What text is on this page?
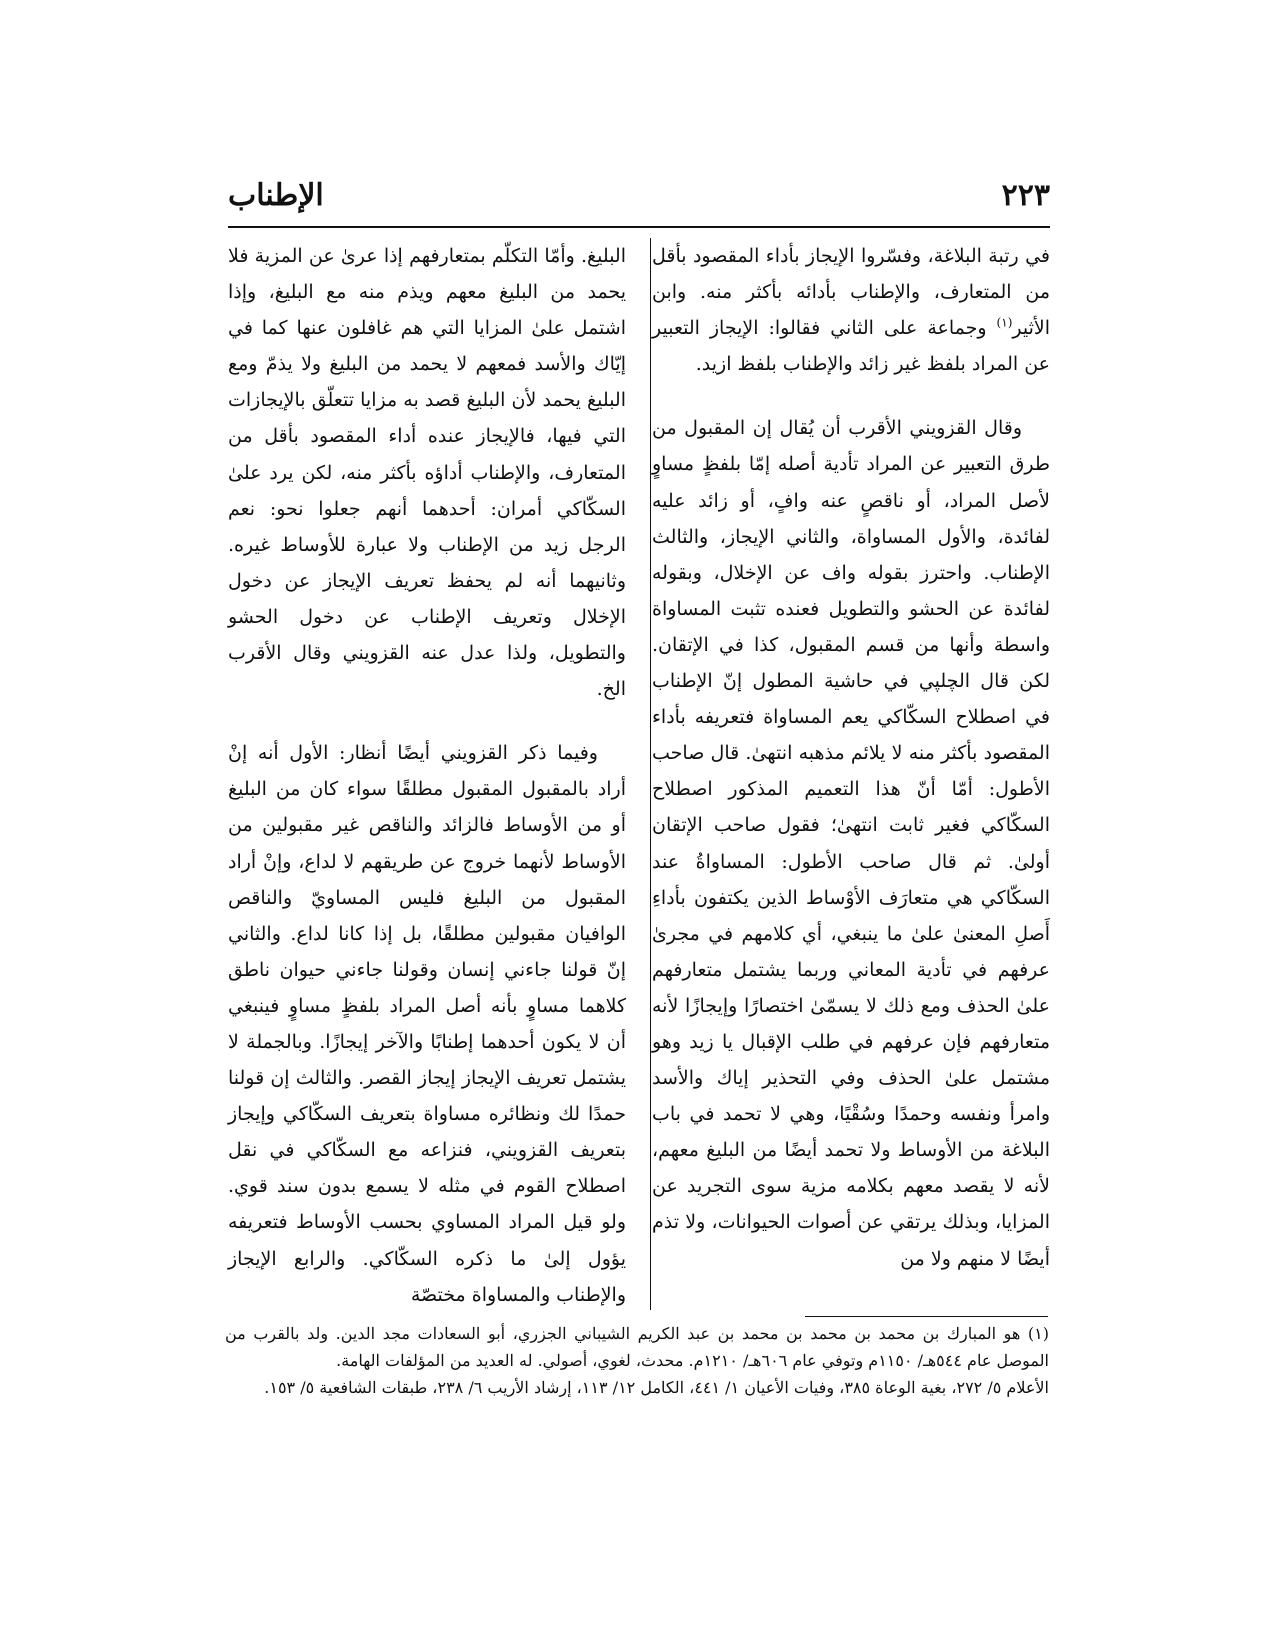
٢٢٣
الإطناب

في رتبة البلاغة، وفسّروا الإيجاز بأداء المقصود بأقل من المتعارف، والإطناب بأدائه بأكثر منه. وابن الأثير$^{(١)}$ وجماعة على الثاني فقالوا: الإيجاز التعبير عن المراد بلفظ غير زائد والإطناب بلفظ ازيد.

وقال القزويني الأقرب أن يُقال إن المقبول من طرق التعبير عن المراد تأدية أصله إمّا بلفظٍ مساوٍ لأصل المراد، أو ناقصٍ عنه وافٍ، أو زائد عليه لفائدة، والأول المساواة، والثاني الإيجاز، والثالث الإطناب. واحترز بقوله واف عن الإخلال، وبقوله لفائدة عن الحشو والتطويل فعنده تثبت المساواة واسطة وأنها من قسم المقبول، كذا في الإتقان. لكن قال الچلپي في حاشية المطول إنّ الإطناب في اصطلاح السكّاكي يعم المساواة فتعريفه بأداء المقصود بأكثر منه لا يلائم مذهبه انتهىٰ. قال صاحب الأطول: أمّا أنّ هذا التعميم المذكور اصطلاح السكّاكي فغير ثابت انتهىٰ؛ فقول صاحب الإتقان أولىٰ. ثم قال صاحب الأطول: المساواةُ عند السكّاكي هي متعارَف الأوْساط الذين يكتفون بأداءِ أَصلِ المعنىٰ علىٰ ما ينبغي، أي كلامهم في مجرىٰ عرفهم في تأدية المعاني وربما يشتمل متعارفهم علىٰ الحذف ومع ذلك لا يسمّىٰ اختصارًا وإيجازًا لأنه متعارفهم فإن عرفهم في طلب الإقبال يا زيد وهو مشتمل علىٰ الحذف وفي التحذير إياك والأسد وامرأ ونفسه وحمدًا وسُقْيًا، وهي لا تحمد في باب البلاغة من الأوساط ولا تحمد أيضًا من البليغ معهم، لأنه لا يقصد معهم بكلامه مزية سوى التجريد عن المزايا، وبذلك يرتقي عن أصوات الحيوانات، ولا تذم أيضًا لا منهم ولا من

البليغ. وأمّا التكلّم بمتعارفهم إذا عرىٰ عن المزية فلا يحمد من البليغ معهم ويذم منه مع البليغ، وإذا اشتمل علىٰ المزايا التي هم غافلون عنها كما في إيّاك والأسد فمعهم لا يحمد من البليغ ولا يذمّ ومع البليغ يحمد لأن البليغ قصد به مزايا تتعلّق بالإيجازات التي فيها، فالإيجاز عنده أداء المقصود بأقل من المتعارف، والإطناب أداؤه بأكثر منه، لكن يرد علىٰ السكّاكي أمران: أحدهما أنهم جعلوا نحو: نعم الرجل زيد من الإطناب ولا عبارة للأوساط غيره. وثانيهما أنه لم يحفظ تعريف الإيجاز عن دخول الإخلال وتعريف الإطناب عن دخول الحشو والتطويل، ولذا عدل عنه القزويني وقال الأقرب الخ.

وفيما ذكر القزويني أيضًا أنظار: الأول أنه إنْ أراد بالمقبول المقبول مطلقًا سواء كان من البليغ أو من الأوساط فالزائد والناقص غير مقبولين من الأوساط لأنهما خروج عن طريقهم لا لداع، وإنْ أراد المقبول من البليغ فليس المساويّ والناقص الوافيان مقبولين مطلقًا، بل إذا كانا لداع. والثاني إنّ قولنا جاءني إنسان وقولنا جاءني حيوان ناطق كلاهما مساوٍ بأنه أصل المراد بلفظٍ مساوٍ فينبغي أن لا يكون أحدهما إطنابًا والآخر إيجازًا. وبالجملة لا يشتمل تعريف الإيجاز إيجاز القصر. والثالث إن قولنا حمدًا لك ونظائره مساواة بتعريف السكّاكي وإيجاز بتعريف القزويني، فنزاعه مع السكّاكي في نقل اصطلاح القوم في مثله لا يسمع بدون سند قوي. ولو قيل المراد المساوي بحسب الأوساط فتعريفه يؤول إلىٰ ما ذكره السكّاكي. والرابع الإيجاز والإطناب والمساواة مختصّة

(١) هو المبارك بن محمد بن محمد بن محمد بن عبد الكريم الشيباني الجزري، أبو السعادات مجد الدين. ولد بالقرب من الموصل عام ٥٤٤هـ/ ١١٥٠م وتوفي عام ٦٠٦هـ/ ١٢١٠م. محدث، لغوي، أصولي. له العديد من المؤلفات الهامة.

الأعلام ٥/ ٢٧٢، بغية الوعاة ٣٨٥، وفيات الأعيان ١/ ٤٤١، الكامل ١٢/ ١١٣، إرشاد الأريب ٦/ ٢٣٨، طبقات الشافعية ٥/ ١٥٣.
